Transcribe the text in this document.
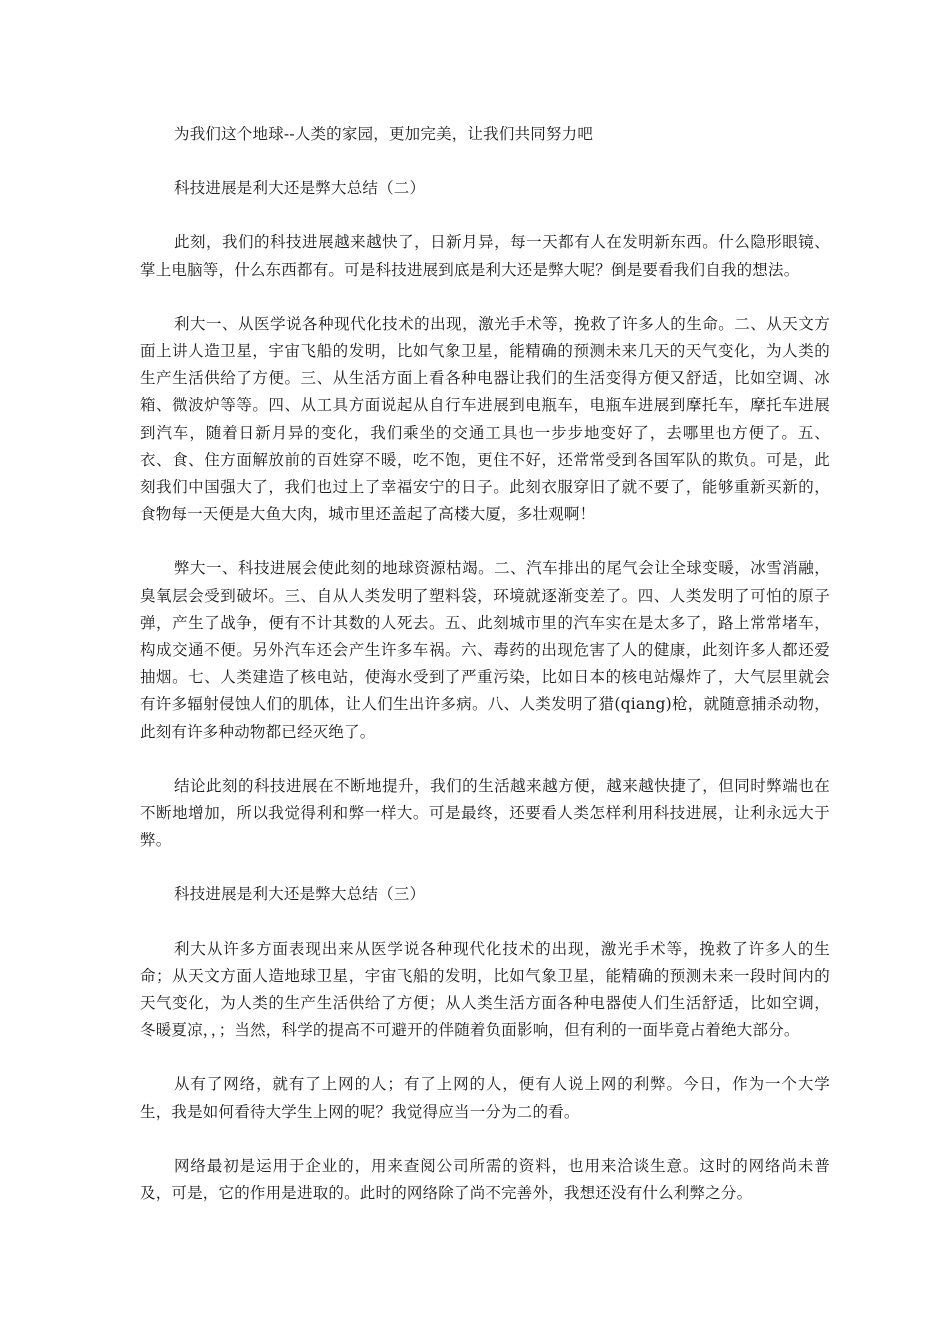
为我们这个地球--人类的家园，更加完美，让我们共同努力吧

科技进展是利大还是弊大总结（二）

此刻，我们的科技进展越来越快了，日新月异，每一天都有人在发明新东西。什么隐形眼镜、掌上电脑等，什么东西都有。可是科技进展到底是利大还是弊大呢？倒是要看我们自我的想法。

利大一、从医学说各种现代化技术的出现，激光手术等，挽救了许多人的生命。二、从天文方面上讲人造卫星，宇宙飞船的发明，比如气象卫星，能精确的预测未来几天的天气变化，为人类的生产生活供给了方便。三、从生活方面上看各种电器让我们的生活变得方便又舒适，比如空调、冰箱、微波炉等等。四、从工具方面说起从自行车进展到电瓶车，电瓶车进展到摩托车，摩托车进展到汽车，随着日新月异的变化，我们乘坐的交通工具也一步步地变好了，去哪里也方便了。五、衣、食、住方面解放前的百姓穿不暖，吃不饱，更住不好，还常常受到各国军队的欺负。可是，此刻我们中国强大了，我们也过上了幸福安宁的日子。此刻衣服穿旧了就不要了，能够重新买新的，食物每一天便是大鱼大肉，城市里还盖起了高楼大厦，多壮观啊！

弊大一、科技进展会使此刻的地球资源枯竭。二、汽车排出的尾气会让全球变暖，冰雪消融，臭氧层会受到破坏。三、自从人类发明了塑料袋，环境就逐渐变差了。四、人类发明了可怕的原子弹，产生了战争，便有不计其数的人死去。五、此刻城市里的汽车实在是太多了，路上常常堵车，构成交通不便。另外汽车还会产生许多车祸。六、毒药的出现危害了人的健康，此刻许多人都还爱抽烟。七、人类建造了核电站，使海水受到了严重污染，比如日本的核电站爆炸了，大气层里就会有许多辐射侵蚀人们的肌体，让人们生出许多病。八、人类发明了猎(qiang)枪，就随意捕杀动物，此刻有许多种动物都已经灭绝了。

结论此刻的科技进展在不断地提升，我们的生活越来越方便，越来越快捷了，但同时弊端也在不断地增加，所以我觉得利和弊一样大。可是最终，还要看人类怎样利用科技进展，让利永远大于弊。

科技进展是利大还是弊大总结（三）

利大从许多方面表现出来从医学说各种现代化技术的出现，激光手术等，挽救了许多人的生命；从天文方面人造地球卫星，宇宙飞船的发明，比如气象卫星，能精确的预测未来一段时间内的天气变化，为人类的生产生活供给了方便；从人类生活方面各种电器使人们生活舒适，比如空调，冬暖夏凉，，；当然，科学的提高不可避开的伴随着负面影响，但有利的一面毕竟占着绝大部分。

从有了网络，就有了上网的人；有了上网的人，便有人说上网的利弊。今日，作为一个大学生，我是如何看待大学生上网的呢？我觉得应当一分为二的看。

网络最初是运用于企业的，用来查阅公司所需的资料，也用来洽谈生意。这时的网络尚未普及，可是，它的作用是进取的。此时的网络除了尚不完善外，我想还没有什么利弊之分。
